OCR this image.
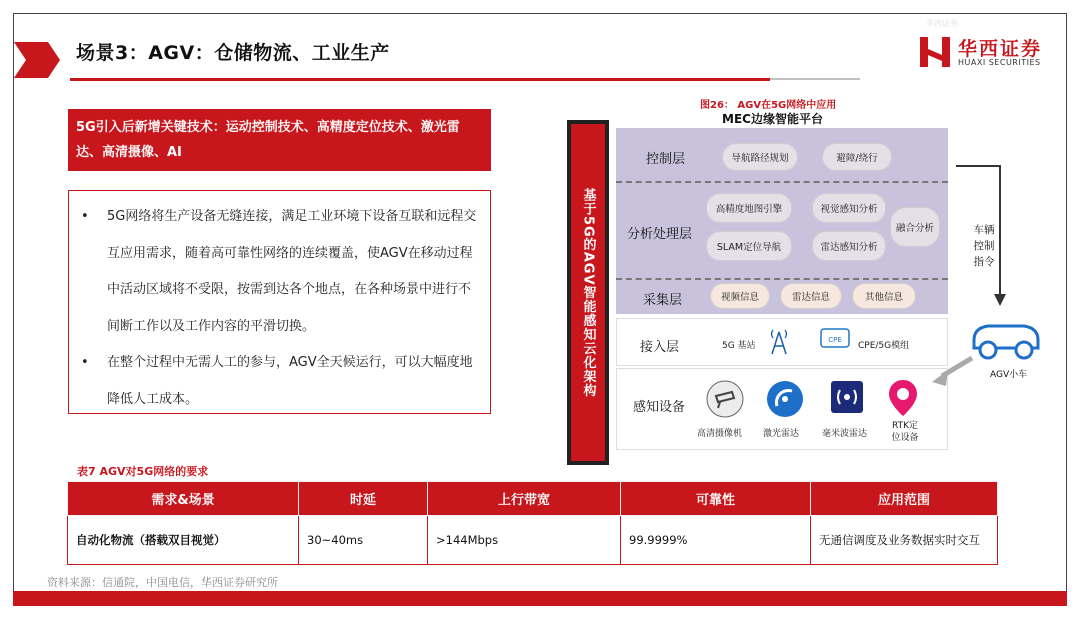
场景3：AGV：仓储物流、工业生产
华西证券
华西证券
HUAXI SECURITIES
5G引入后新增关键技术：运动控制技术、高精度定位技术、激光雷达、高清摄像、AI
• 5G网络将生产设备无缝连接，满足工业环境下设备互联和远程交互应用需求，随着高可靠性网络的连续覆盖，使AGV在移动过程中活动区域将不受限，按需到达各个地点，在各种场景中进行不间断工作以及工作内容的平滑切换。
• 在整个过程中无需人工的参与，AGV全天候运行，可以大幅度地降低人工成本。
基于5G的AGV智能感知云化架构
图26： AGV在5G网络中应用
MEC边缘智能平台
控制层
分析处理层
采集层
导航路径规划	避障/绕行
高精度地图引擎	视觉感知分析
SLAM定位导航	雷达感知分析
融合分析
视频信息	雷达信息	其他信息
接入层	5G 基站
CPE
CPE/5G模组
感知设备
高清摄像机 激光雷达	毫米波雷达
RTK定位设备
车辆控制指令
AGV小车
表7 AGV对5G网络的要求
需求&场景	时延	上行带宽	可靠性	应用范围
自动化物流（搭载双目视觉）	30~40ms	>144Mbps	99.9999%	无通信调度及业务数据实时交互
资料来源：信通院，中国电信，华西证券研究所
